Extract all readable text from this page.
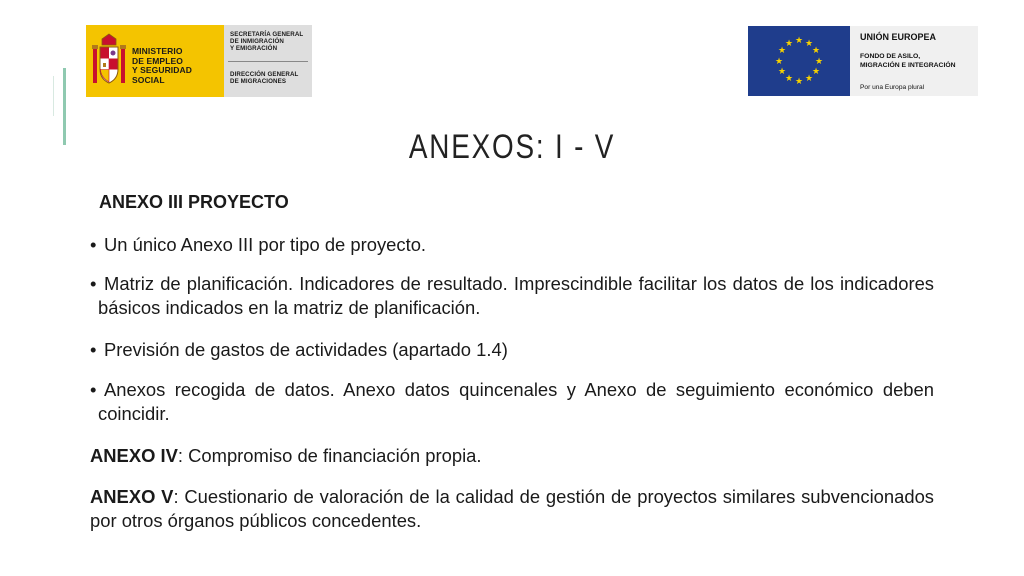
MINISTERIO
DE EMPLEO
Y SEGURIDAD SOCIAL
SECRETARÍA GENERAL
DE INMIGRACIÓN
Y EMIGRACIÓN
DIRECCIÓN GENERAL
DE MIGRACIONES
★ ★
★
★
★
★
★
★
★
★
★
★
UNIÓN EUROPEA
FONDO DE ASILO,
MIGRACIÓN E INTEGRACIÓN
Por una Europa plural
ANEXOS: I - V
ANEXO III PROYECTO
• Un único Anexo III por tipo de proyecto.
• Matriz de planificación. Indicadores de resultado. Imprescindible facilitar los datos de los indicadores básicos indicados en la matriz de planificación.
• Previsión de gastos de actividades (apartado 1.4)
• Anexos recogida de datos. Anexo datos quincenales y Anexo de seguimiento económico deben coincidir.
ANEXO IV: Compromiso de financiación propia.
ANEXO V: Cuestionario de valoración de la calidad de gestión de proyectos similares subvencionados por otros órganos públicos concedentes.
